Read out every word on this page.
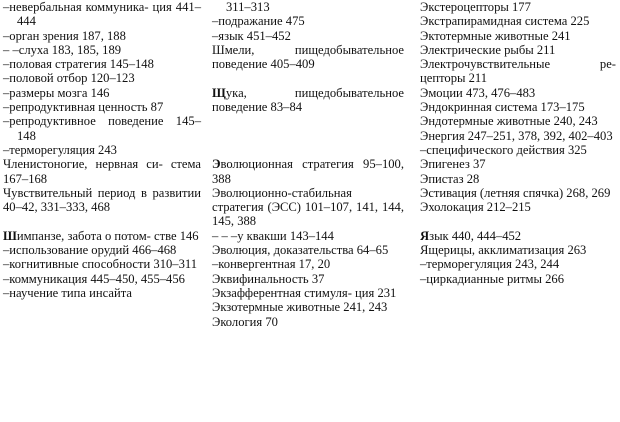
–невербальная коммуника- ция 441–444
–орган зрения 187, 188
– –слуха 183, 185, 189
–половая стратегия 145–148
–половой отбор 120–123
–размеры мозга 146
–репродуктивная ценность 87
–репродуктивное поведение 145–148
–терморегуляция 243
Членистоногие, нервная си- стема 167–168
Чувствительный период в развитии 40–42, 331–333, 468
Шимпанзе, забота о потом- стве 146
–использование орудий 466–468
–когнитивные способности 310–311
–коммуникация 445–450, 455–456
–научение типа инсайта
311–313
–подражание 475
–язык 451–452
Шмели, пищедобывательное поведение 405–409
Щука, пищедобывательное поведение 83–84
Эволюционная стратегия 95–100, 388
Эволюционно-стабильная стратегия (ЭСС) 101–107, 141, 144, 145, 388
– – –у квакши 143–144
Эволюция, доказательства 64–65
–конвергентная 17, 20
Эквифинальность 37
Экзафферентная стимуля- ция 231
Экзотермные животные 241, 243
Экология 70
Экстероцепторы 177
Экстрапирамидная система 225
Эктотермные животные 241
Электрические рыбы 211
Электрочувствительные ре- цепторы 211
Эмоции 473, 476–483
Эндокринная система 173–175
Эндотермные животные 240, 243
Энергия 247–251, 378, 392, 402–403
–специфического действия 325
Эпигенез 37
Эпистаз 28
Эстивация (летняя спячка) 268, 269
Эхолокация 212–215
Язык 440, 444–452
Ящерицы, акклиматизация 263
–терморегуляция 243, 244
–циркадианные ритмы 266
